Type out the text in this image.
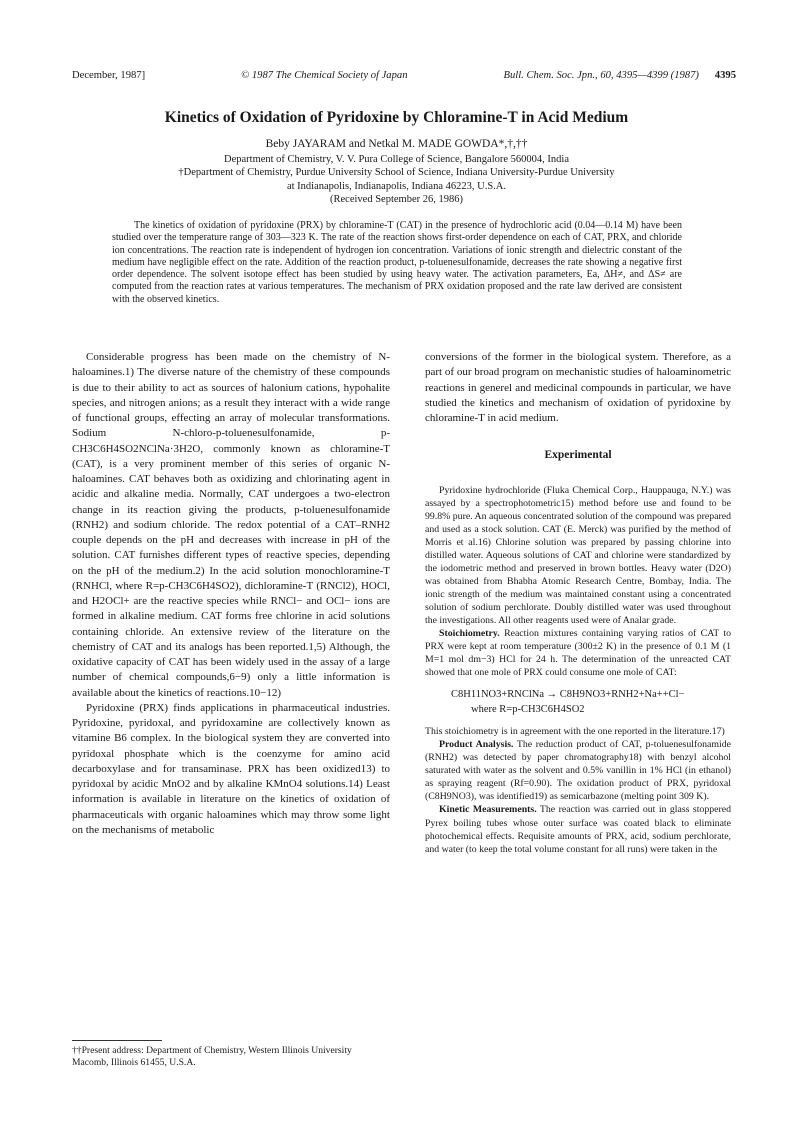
December, 1987]	© 1987 The Chemical Society of Japan	Bull. Chem. Soc. Jpn., 60, 4395—4399 (1987) 4395
Kinetics of Oxidation of Pyridoxine by Chloramine-T in Acid Medium
Beby JAYARAM and Netkal M. MADE GOWDA*,†,††
Department of Chemistry, V. V. Pura College of Science, Bangalore 560004, India
†Department of Chemistry, Purdue University School of Science, Indiana University-Purdue University
at Indianapolis, Indianapolis, Indiana 46223, U.S.A.
(Received September 26, 1986)
The kinetics of oxidation of pyridoxine (PRX) by chloramine-T (CAT) in the presence of hydrochloric acid (0.04—0.14 M) have been studied over the temperature range of 303—323 K. The rate of the reaction shows first-order dependence on each of CAT, PRX, and chloride ion concentrations. The reaction rate is independent of hydrogen ion concentration. Variations of ionic strength and dielectric constant of the medium have negligible effect on the rate. Addition of the reaction product, p-toluenesulfonamide, decreases the rate showing a negative first order dependence. The solvent isotope effect has been studied by using heavy water. The activation parameters, Ea, ΔH≠, and ΔS≠ are computed from the reaction rates at various temperatures. The mechanism of PRX oxidation proposed and the rate law derived are consistent with the observed kinetics.

Considerable progress has been made on the chemistry of N-haloamines.1) The diverse nature of the chemistry of these compounds is due to their ability to act as sources of halonium cations, hypohalite species, and nitrogen anions; as a result they interact with a wide range of functional groups, effecting an array of molecular transformations. Sodium N-chloro-p-toluenesulfonamide, p-CH3C6H4SO2NClNa·3H2O, commonly known as chloramine-T (CAT), is a very prominent member of this series of organic N-haloamines. CAT behaves both as oxidizing and chlorinating agent in acidic and alkaline media. Normally, CAT undergoes a two-electron change in its reaction giving the products, p-toluenesulfonamide (RNH2) and sodium chloride. The redox potential of a CAT–RNH2 couple depends on the pH and decreases with increase in pH of the solution. CAT furnishes different types of reactive species, depending on the pH of the medium.2) In the acid solution monochloramine-T (RNHCl, where R=p-CH3C6H4SO2), dichloramine-T (RNCl2), HOCl, and H2OCl+ are the reactive species while RNCl− and OCl− ions are formed in alkaline medium. CAT forms free chlorine in acid solutions containing chloride. An extensive review of the literature on the chemistry of CAT and its analogs has been reported.1,5) Although, the oxidative capacity of CAT has been widely used in the assay of a large number of chemical compounds,6−9) only a little information is available about the kinetics of reactions.10−12)

Pyridoxine (PRX) finds applications in pharmaceutical industries. Pyridoxine, pyridoxal, and pyridoxamine are collectively known as vitamine B6 complex. In the biological system they are converted into pyridoxal phosphate which is the coenzyme for amino acid decarboxylase and for transaminase. PRX has been oxidized13) to pyridoxal by acidic MnO2 and by alkaline KMnO4 solutions.14) Least information is available in literature on the kinetics of oxidation of pharmaceuticals with organic haloamines which may throw some light on the mechanisms of metabolic

conversions of the former in the biological system. Therefore, as a part of our broad program on mechanistic studies of haloaminometric reactions in generel and medicinal compounds in particular, we have studied the kinetics and mechanism of oxidation of pyridoxine by chloramine-T in acid medium.

Experimental

Pyridoxine hydrochloride (Fluka Chemical Corp., Hauppauga, N.Y.) was assayed by a spectrophotometric15) method before use and found to be 99.8% pure. An aqueous concentrated solution of the compound was prepared and used as a stock solution. CAT (E. Merck) was purified by the method of Morris et al.16) Chlorine solution was prepared by passing chlorine into distilled water. Aqueous solutions of CAT and chlorine were standardized by the iodometric method and preserved in brown bottles. Heavy water (D2O) was obtained from Bhabha Atomic Research Centre, Bombay, India. The ionic strength of the medium was maintained constant using a concentrated solution of sodium perchlorate. Doubly distilled water was used throughout the investigations. All other reagents used were of Analar grade.

Stoichiometry. Reaction mixtures containing varying ratios of CAT to PRX were kept at room temperature (300±2 K) in the presence of 0.1 M (1 M=1 mol dm−3) HCl for 24 h. The determination of the unreacted CAT showed that one mole of PRX could consume one mole of CAT:

C8H11NO3+RNClNa → C8H9NO3+RNH2+Na++Cl−
where R=p-CH3C6H4SO2

This stoichiometry is in agreement with the one reported in the literature.17)

Product Analysis. The reduction product of CAT, p-toluenesulfonamide (RNH2) was detected by paper chromatography18) with benzyl alcohol saturated with water as the solvent and 0.5% vanillin in 1% HCl (in ethanol) as spraying reagent (Rf=0.90). The oxidation product of PRX, pyridoxal (C8H9NO3), was identified19) as semicarbazone (melting point 309 K).

Kinetic Measurements. The reaction was carried out in glass stoppered Pyrex boiling tubes whose outer surface was coated black to eliminate photochemical effects. Requisite amounts of PRX, acid, sodium perchlorate, and water (to keep the total volume constant for all runs) were taken in the

††Present address: Department of Chemistry, Western Illinois University Macomb, Illinois 61455, U.S.A.
